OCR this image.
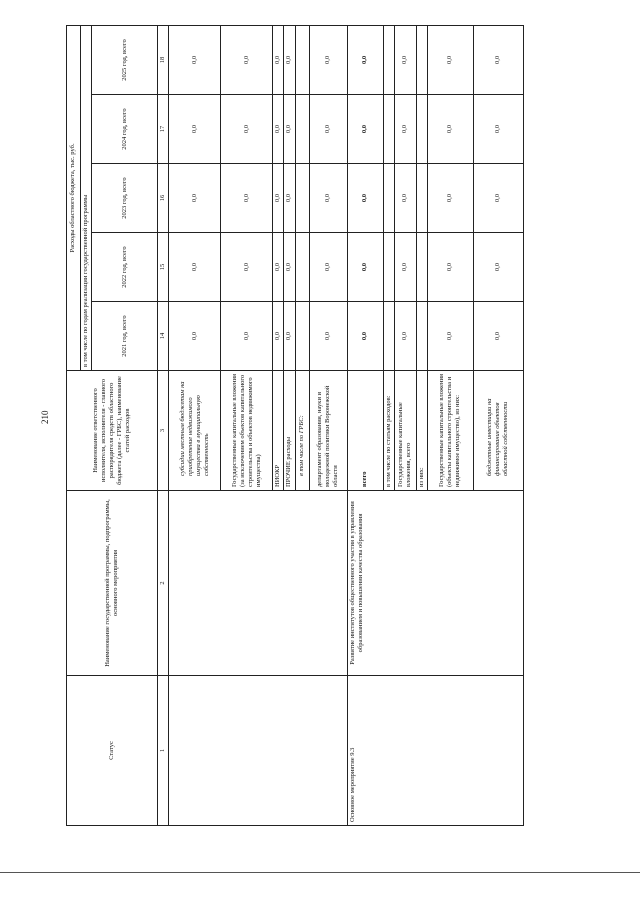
210
Статус	Наименование государственной программы, подпрограммы, основного мероприятия	Наименование ответственного исполнителя, исполнителя - главного распорядителя средств областного бюджета (далее - ГРБС), наименование статей расходов	Расходы областного бюджета, тыс. руб.				
			в том числе по годам реализации государственной программы				
			2021 год, всего	2022 год, всего	2023 год, всего	2024 год, всего	2025 год, всего
1	2	3	14	15	16	17	18
		субсидии местным бюджетам на приобретение недвижимого имущества в муниципальную собственность	0,0	0,0	0,0	0,0	0,0
		Государственные капитальные вложения (за исключением объектов капитального строительства и объектов недвижимого имущества)	0,0	0,0	0,0	0,0	0,0
		НИОКР	0,0	0,0	0,0	0,0	0,0
		ПРОЧИЕ расходы	0,0	0,0	0,0	0,0	0,0
		в том числе по ГРБС:					
		департамент образования, науки и молодежной политики Воронежской области	0,0	0,0	0,0	0,0	0,0
Основное мероприятие 9.3	Развитие институтов общественного участия в управлении образованием и повышении качества образования	всего	0,0	0,0	0,0	0,0	0,0
		в том числе по статьям расходов:					
		Государственные капитальные вложения, всего	0,0	0,0	0,0	0,0	0,0
		из них:					
		Государственные капитальные вложения (объекты капитального строительства и недвижимое имущество), из них:	0,0	0,0	0,0	0,0	0,0
		бюджетные инвестиции на финансирование объектов областной собственности	0,0	0,0	0,0	0,0	0,0
